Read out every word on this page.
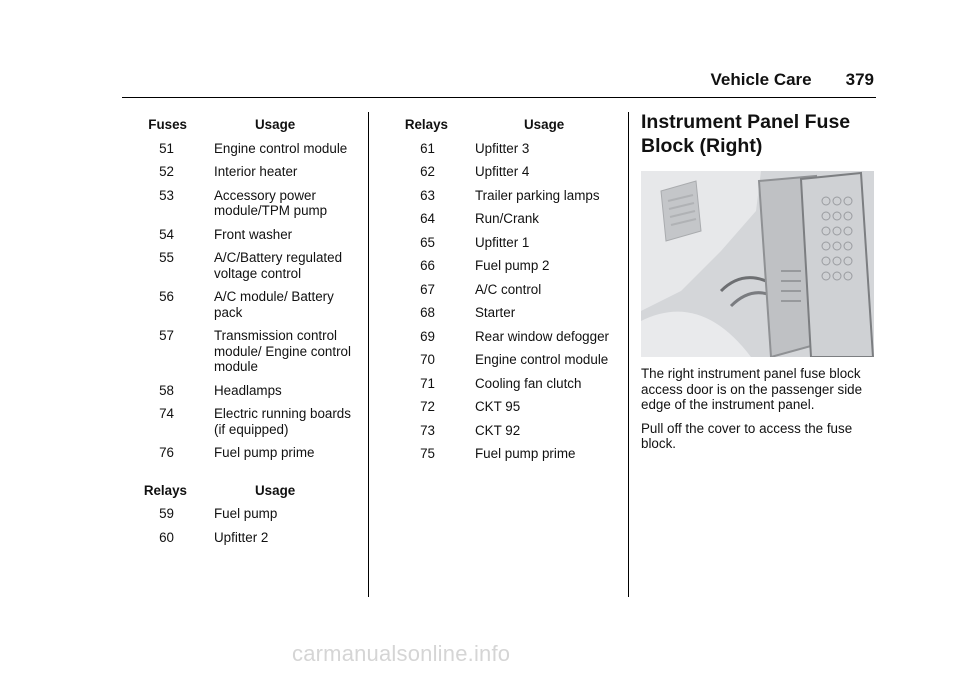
Vehicle Care 379
Fuses	Usage
51	Engine control module
52	Interior heater
53	Accessory power module/TPM pump
54	Front washer
55	A/C/Battery regulated voltage control
56	A/C module/ Battery pack
57	Transmission control module/ Engine control module
58	Headlamps
74	Electric running boards (if equipped)
76	Fuel pump prime
Relays	Usage
59	Fuel pump
60	Upfitter 2
Relays	Usage
61	Upfitter 3
62	Upfitter 4
63	Trailer parking lamps
64	Run/Crank
65	Upfitter 1
66	Fuel pump 2
67	A/C control
68	Starter
69	Rear window defogger
70	Engine control module
71	Cooling fan clutch
72	CKT 95
73	CKT 92
75	Fuel pump prime
Instrument Panel Fuse Block (Right)

The right instrument panel fuse block access door is on the passenger side edge of the instrument panel.

Pull off the cover to access the fuse block.

carmanualsonline.info
